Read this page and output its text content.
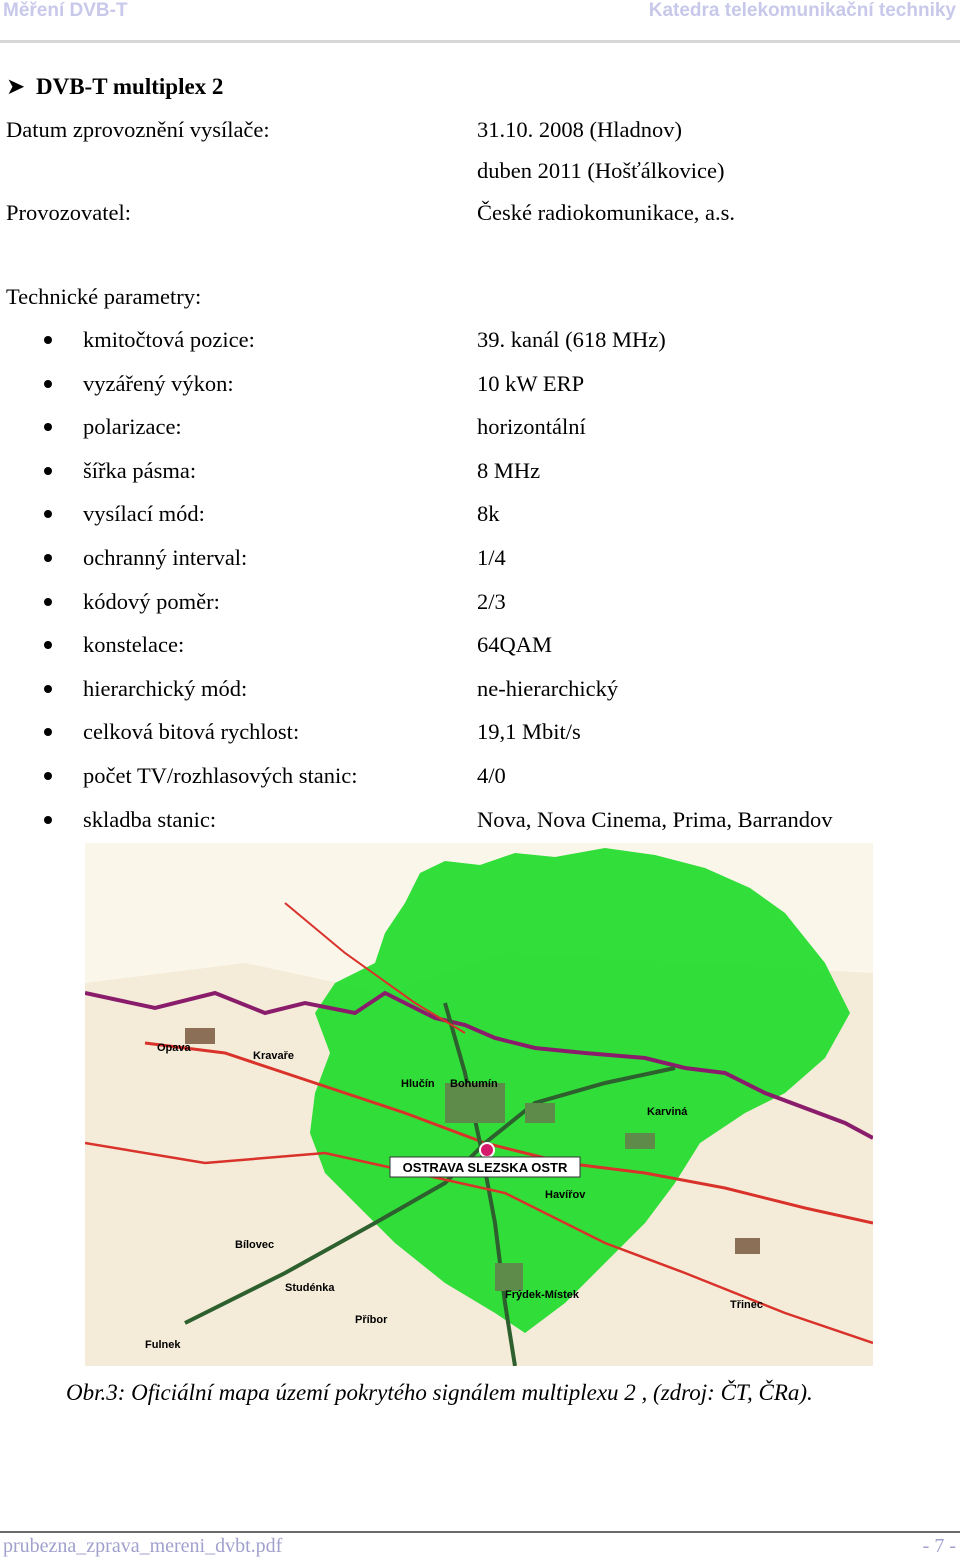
Měření DVB-T	Katedra telekomunikační techniky
➤ DVB-T multiplex 2
Datum zprovoznění vysílače:	31.10. 2008 (Hladnov)
duben 2011 (Hošťálkovice)
Provozovatel:	České radiokomunikace, a.s.
Technické parametry:
kmitočtová pozice:	39. kanál (618 MHz)
vyzářený výkon:	10 kW ERP
polarizace:	horizontální
šířka pásma:	8 MHz
vysílací mód:	8k
ochranný interval:	1/4
kódový poměr:	2/3
konstelace:	64QAM
hierarchický mód:	ne-hierarchický
celková bitová rychlost:	19,1 Mbit/s
počet TV/rozhlasových stanic:	4/0
skladba stanic:	Nova, Nova Cinema, Prima, Barrandov
OSTRAVA SLEZSKA OSTR
Opava
Kravaře
Hlučín Bohumín
Karviná
Havířov
Frýdek-Místek
Studénka
Bílovec
Třinec
Příbor
Fulnek
Obr.3: Oficiální mapa území pokrytého signálem multiplexu 2 , (zdroj: ČT, ČRa).
prubezna_zprava_mereni_dvbt.pdf	- 7 -
